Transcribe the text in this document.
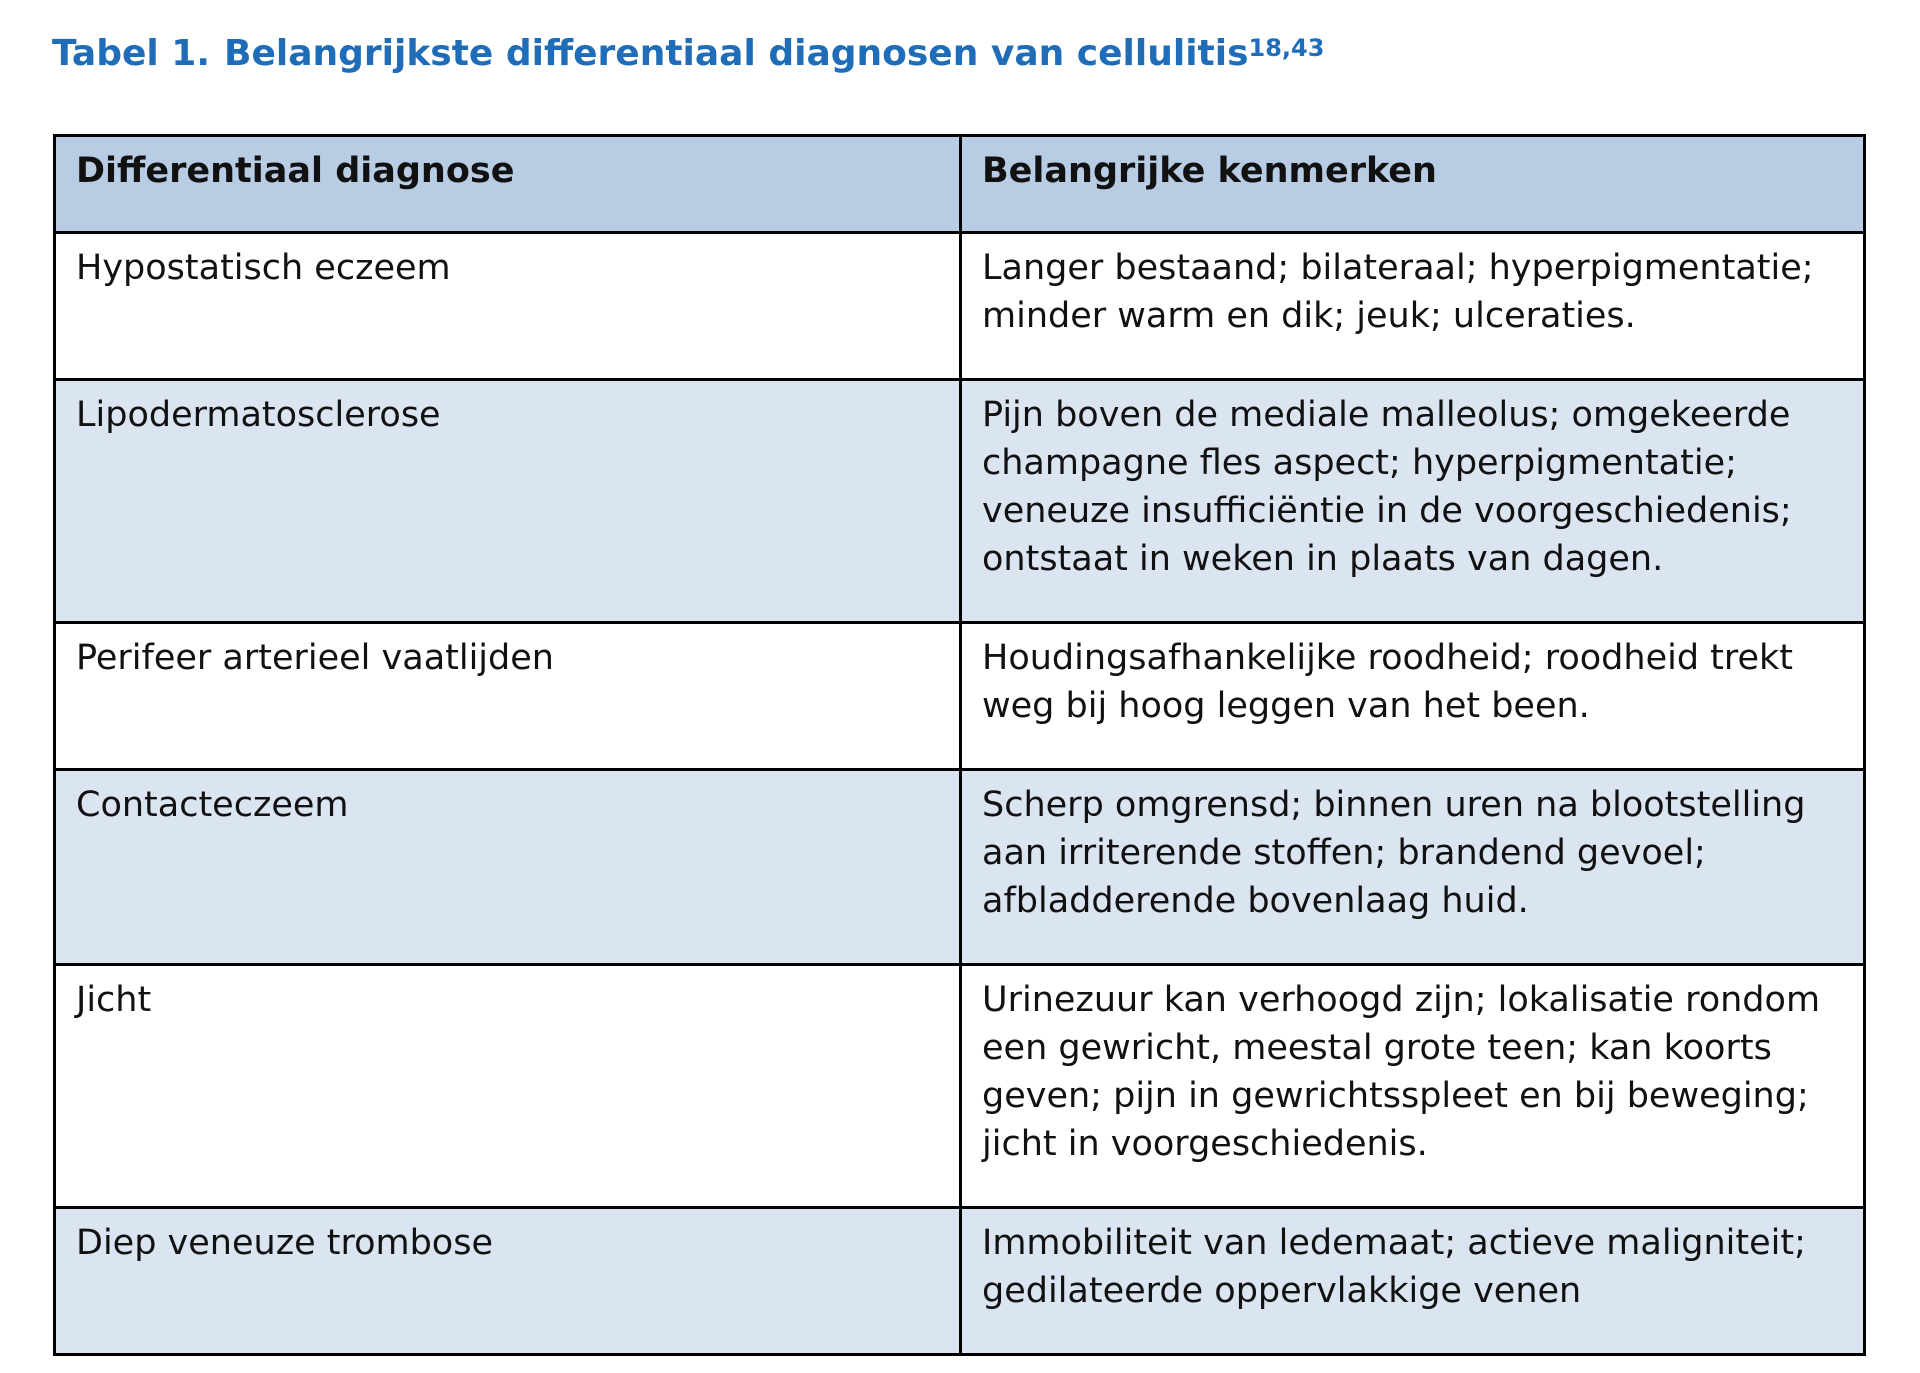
Tabel 1. Belangrijkste differentiaal diagnosen van cellulitis$^{18,43}$
Differentiaal diagnose	Belangrijke kenmerken
Hypostatisch eczeem	Langer bestaand; bilateraal; hyperpigmentatie; minder warm en dik; jeuk; ulceraties.
Lipodermatosclerose	Pijn boven de mediale malleolus; omgekeerde champagne fles aspect; hyperpigmentatie; veneuze insufficiëntie in de voorgeschiedenis; ontstaat in weken in plaats van dagen.
Perifeer arterieel vaatlijden	Houdingsafhankelijke roodheid; roodheid trekt weg bij hoog leggen van het been.
Contacteczeem	Scherp omgrensd; binnen uren na blootstelling aan irriterende stoffen; brandend gevoel; afbladderende bovenlaag huid.
Jicht	Urinezuur kan verhoogd zijn; lokalisatie rondom een gewricht, meestal grote teen; kan koorts geven; pijn in gewrichtsspleet en bij beweging; jicht in voorgeschiedenis.
Diep veneuze trombose	Immobiliteit van ledemaat; actieve maligniteit; gedilateerde oppervlakkige venen
